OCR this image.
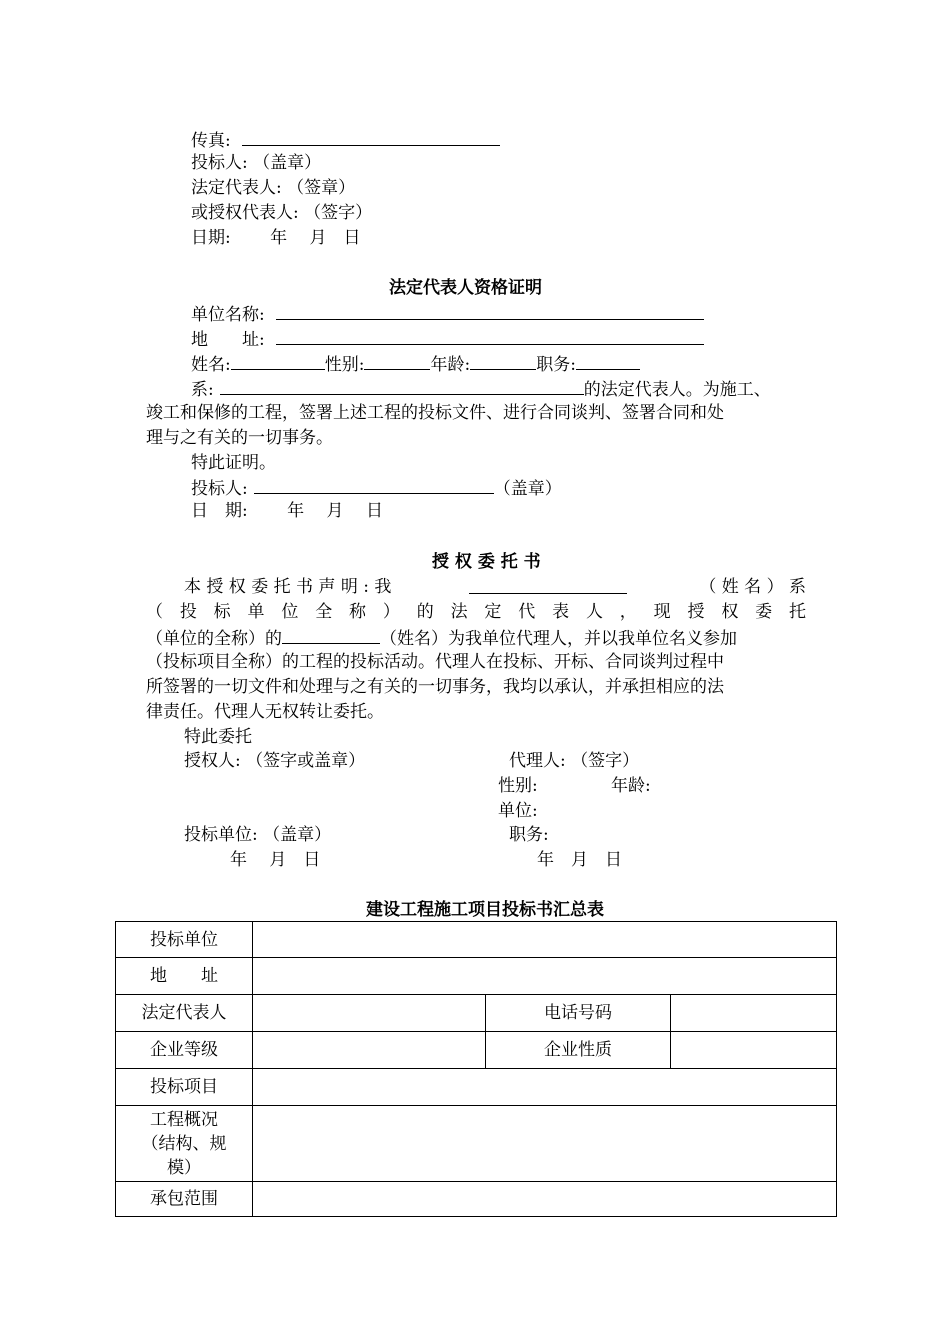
传真:
投标人: （盖章）
法定代表人: （签章）
或授权代表人: （签字）
日期:　　 年　 月　日
法定代表人资格证明
单位名称:
地　　址:
姓名:	性别:	年龄:	职务:
系:	的法定代表人。为施工、
竣工和保修的工程，签署上述工程的投标文件、进行合同谈判、签署合同和处
理与之有关的一切事务。
特此证明。
投标人:	（盖章）
日　期:　　 年　 月　 日
授 权 委 托 书
本 授 权 委 托 书 声 明 : 我	（ 姓 名 ） 系
（ 投 标 单 位 全 称 ） 的 法 定 代 表 人 ， 现 授 权 委 托
（单位的全称）的	（姓名）为我单位代理人，并以我单位名义参加
（投标项目全称）的工程的投标活动。代理人在投标、开标、合同谈判过程中
所签署的一切文件和处理与之有关的一切事务，我均以承认，并承担相应的法
律责任。代理人无权转让委托。
特此委托
授权人: （签字或盖章）	代理人: （签字）
性别:	年龄:
单位:
投标单位: （盖章）	职务:
年　 月　日	年　月　日
建设工程施工项目投标书汇总表
投标单位			
地　　址			
法定代表人		电话号码	
企业等级		企业性质	
投标项目			

工程概况
（结构、规
模）			

承包范围			
